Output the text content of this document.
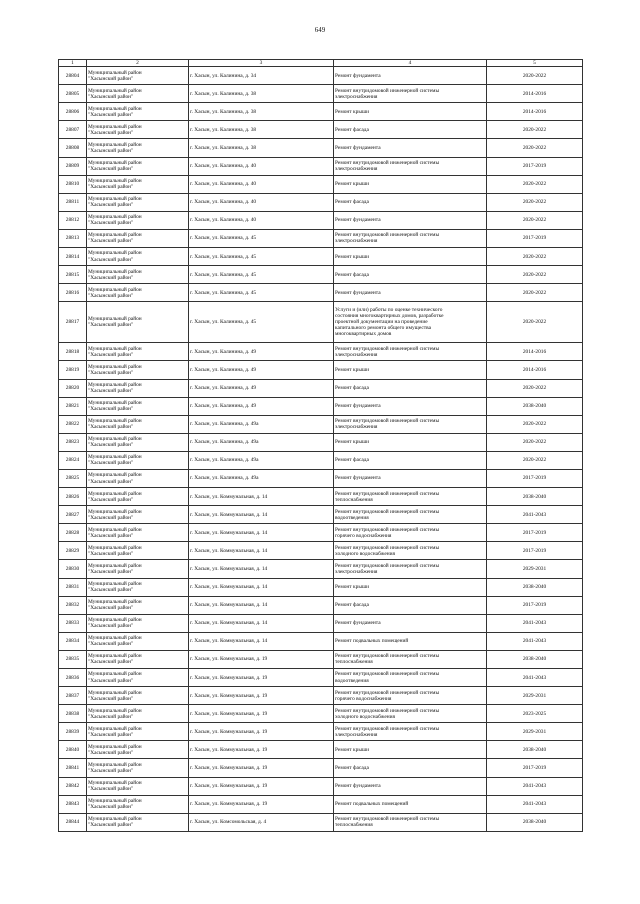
649
1	2	3	4	5
28804	Муниципальный район
"Хасынский район"	г. Хасын, ул. Калинина, д. 34	Ремонт фундамента	2020-2022
28805	Муниципальный район
"Хасынский район"	г. Хасын, ул. Калинина, д. 38	Ремонт внутридомовой инженерной системы
электроснабжения	2014-2016
28806	Муниципальный район
"Хасынский район"	г. Хасын, ул. Калинина, д. 38	Ремонт крыши	2014-2016
28807	Муниципальный район
"Хасынский район"	г. Хасын, ул. Калинина, д. 38	Ремонт фасада	2020-2022
28808	Муниципальный район
"Хасынский район"	г. Хасын, ул. Калинина, д. 38	Ремонт фундамента	2020-2022
28809	Муниципальный район
"Хасынский район"	г. Хасын, ул. Калинина, д. 40	Ремонт внутридомовой инженерной системы
электроснабжения	2017-2019
28810	Муниципальный район
"Хасынский район"	г. Хасын, ул. Калинина, д. 40	Ремонт крыши	2020-2022
28811	Муниципальный район
"Хасынский район"	г. Хасын, ул. Калинина, д. 40	Ремонт фасада	2020-2022
28812	Муниципальный район
"Хасынский район"	г. Хасын, ул. Калинина, д. 40	Ремонт фундамента	2020-2022
28813	Муниципальный район
"Хасынский район"	г. Хасын, ул. Калинина, д. 45	Ремонт внутридомовой инженерной системы
электроснабжения	2017-2019
28814	Муниципальный район
"Хасынский район"	г. Хасын, ул. Калинина, д. 45	Ремонт крыши	2020-2022
28815	Муниципальный район
"Хасынский район"	г. Хасын, ул. Калинина, д. 45	Ремонт фасада	2020-2022
28816	Муниципальный район
"Хасынский район"	г. Хасын, ул. Калинина, д. 45	Ремонт фундамента	2020-2022
28817	Муниципальный район
"Хасынский район"	г. Хасын, ул. Калинина, д. 45	Услуги и (или) работы по оценке технического
состояния многоквартирных домов, разработке
проектной документации на проведение
капитального ремонта общего имущества
многоквартирных домов	2020-2022
28818	Муниципальный район
"Хасынский район"	г. Хасын, ул. Калинина, д. 49	Ремонт внутридомовой инженерной системы
электроснабжения	2014-2016
28819	Муниципальный район
"Хасынский район"	г. Хасын, ул. Калинина, д. 49	Ремонт крыши	2014-2016
28820	Муниципальный район
"Хасынский район"	г. Хасын, ул. Калинина, д. 49	Ремонт фасада	2020-2022
28821	Муниципальный район
"Хасынский район"	г. Хасын, ул. Калинина, д. 49	Ремонт фундамента	2038-2040
28822	Муниципальный район
"Хасынский район"	г. Хасын, ул. Калинина, д. 49а	Ремонт внутридомовой инженерной системы
электроснабжения	2020-2022
28823	Муниципальный район
"Хасынский район"	г. Хасын, ул. Калинина, д. 49а	Ремонт крыши	2020-2022
28824	Муниципальный район
"Хасынский район"	г. Хасын, ул. Калинина, д. 49а	Ремонт фасада	2020-2022
28825	Муниципальный район
"Хасынский район"	г. Хасын, ул. Калинина, д. 49а	Ремонт фундамента	2017-2019
28826	Муниципальный район
"Хасынский район"	г. Хасын, ул. Коммунальная, д. 14	Ремонт внутридомовой инженерной системы
теплоснабжения	2038-2040
28827	Муниципальный район
"Хасынский район"	г. Хасын, ул. Коммунальная, д. 14	Ремонт внутридомовой инженерной системы
водоотведения	2041-2043
28828	Муниципальный район
"Хасынский район"	г. Хасын, ул. Коммунальная, д. 14	Ремонт внутридомовой инженерной системы
горячего водоснабжения	2017-2019
28829	Муниципальный район
"Хасынский район"	г. Хасын, ул. Коммунальная, д. 14	Ремонт внутридомовой инженерной системы
холодного водоснабжения	2017-2019
28830	Муниципальный район
"Хасынский район"	г. Хасын, ул. Коммунальная, д. 14	Ремонт внутридомовой инженерной системы
электроснабжения	2029-2031
28831	Муниципальный район
"Хасынский район"	г. Хасын, ул. Коммунальная, д. 14	Ремонт крыши	2038-2040
28832	Муниципальный район
"Хасынский район"	г. Хасын, ул. Коммунальная, д. 14	Ремонт фасада	2017-2019
28833	Муниципальный район
"Хасынский район"	г. Хасын, ул. Коммунальная, д. 14	Ремонт фундамента	2041-2043
28834	Муниципальный район
"Хасынский район"	г. Хасын, ул. Коммунальная, д. 14	Ремонт подвальных помещений	2041-2043
28835	Муниципальный район
"Хасынский район"	г. Хасын, ул. Коммунальная, д. 19	Ремонт внутридомовой инженерной системы
теплоснабжения	2038-2040
28836	Муниципальный район
"Хасынский район"	г. Хасын, ул. Коммунальная, д. 19	Ремонт внутридомовой инженерной системы
водоотведения	2041-2043
28837	Муниципальный район
"Хасынский район"	г. Хасын, ул. Коммунальная, д. 19	Ремонт внутридомовой инженерной системы
горячего водоснабжения	2029-2031
28838	Муниципальный район
"Хасынский район"	г. Хасын, ул. Коммунальная, д. 19	Ремонт внутридомовой инженерной системы
холодного водоснабжения	2023-2025
28839	Муниципальный район
"Хасынский район"	г. Хасын, ул. Коммунальная, д. 19	Ремонт внутридомовой инженерной системы
электроснабжения	2029-2031
28840	Муниципальный район
"Хасынский район"	г. Хасын, ул. Коммунальная, д. 19	Ремонт крыши	2038-2040
28841	Муниципальный район
"Хасынский район"	г. Хасын, ул. Коммунальная, д. 19	Ремонт фасада	2017-2019
28842	Муниципальный район
"Хасынский район"	г. Хасын, ул. Коммунальная, д. 19	Ремонт фундамента	2041-2043
28843	Муниципальный район
"Хасынский район"	г. Хасын, ул. Коммунальная, д. 19	Ремонт подвальных помещений	2041-2043
28844	Муниципальный район
"Хасынский район"	г. Хасын, ул. Комсомольская, д. 4	Ремонт внутридомовой инженерной системы
теплоснабжения	2038-2040
